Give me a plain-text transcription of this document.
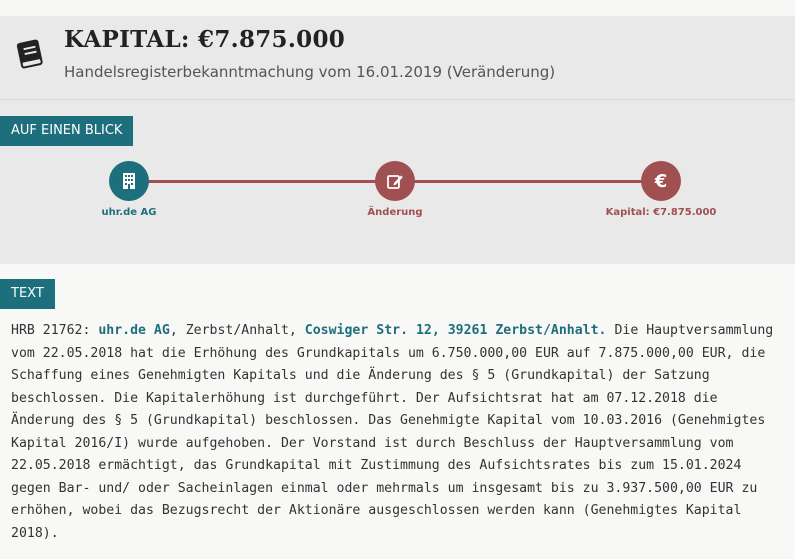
KAPITAL: €7.875.000
Handelsregisterbekanntmachung vom 16.01.2019 (Veränderung)
AUF EINEN BLICK
€
uhr.de AG	Änderung	Kapital: €7.875.000
TEXT
HRB 21762: uhr.de AG, Zerbst/Anhalt, Coswiger Str. 12, 39261 Zerbst/Anhalt. Die Hauptversammlung
vom 22.05.2018 hat die Erhöhung des Grundkapitals um 6.750.000,00 EUR auf 7.875.000,00 EUR, die
Schaffung eines Genehmigten Kapitals und die Änderung des § 5 (Grundkapital) der Satzung
beschlossen. Die Kapitalerhöhung ist durchgeführt. Der Aufsichtsrat hat am 07.12.2018 die
Änderung des § 5 (Grundkapital) beschlossen. Das Genehmigte Kapital vom 10.03.2016 (Genehmigtes
Kapital 2016/I) wurde aufgehoben. Der Vorstand ist durch Beschluss der Hauptversammlung vom
22.05.2018 ermächtigt, das Grundkapital mit Zustimmung des Aufsichtsrates bis zum 15.01.2024
gegen Bar- und/ oder Sacheinlagen einmal oder mehrmals um insgesamt bis zu 3.937.500,00 EUR zu
erhöhen, wobei das Bezugsrecht der Aktionäre ausgeschlossen werden kann (Genehmigtes Kapital
2018).
